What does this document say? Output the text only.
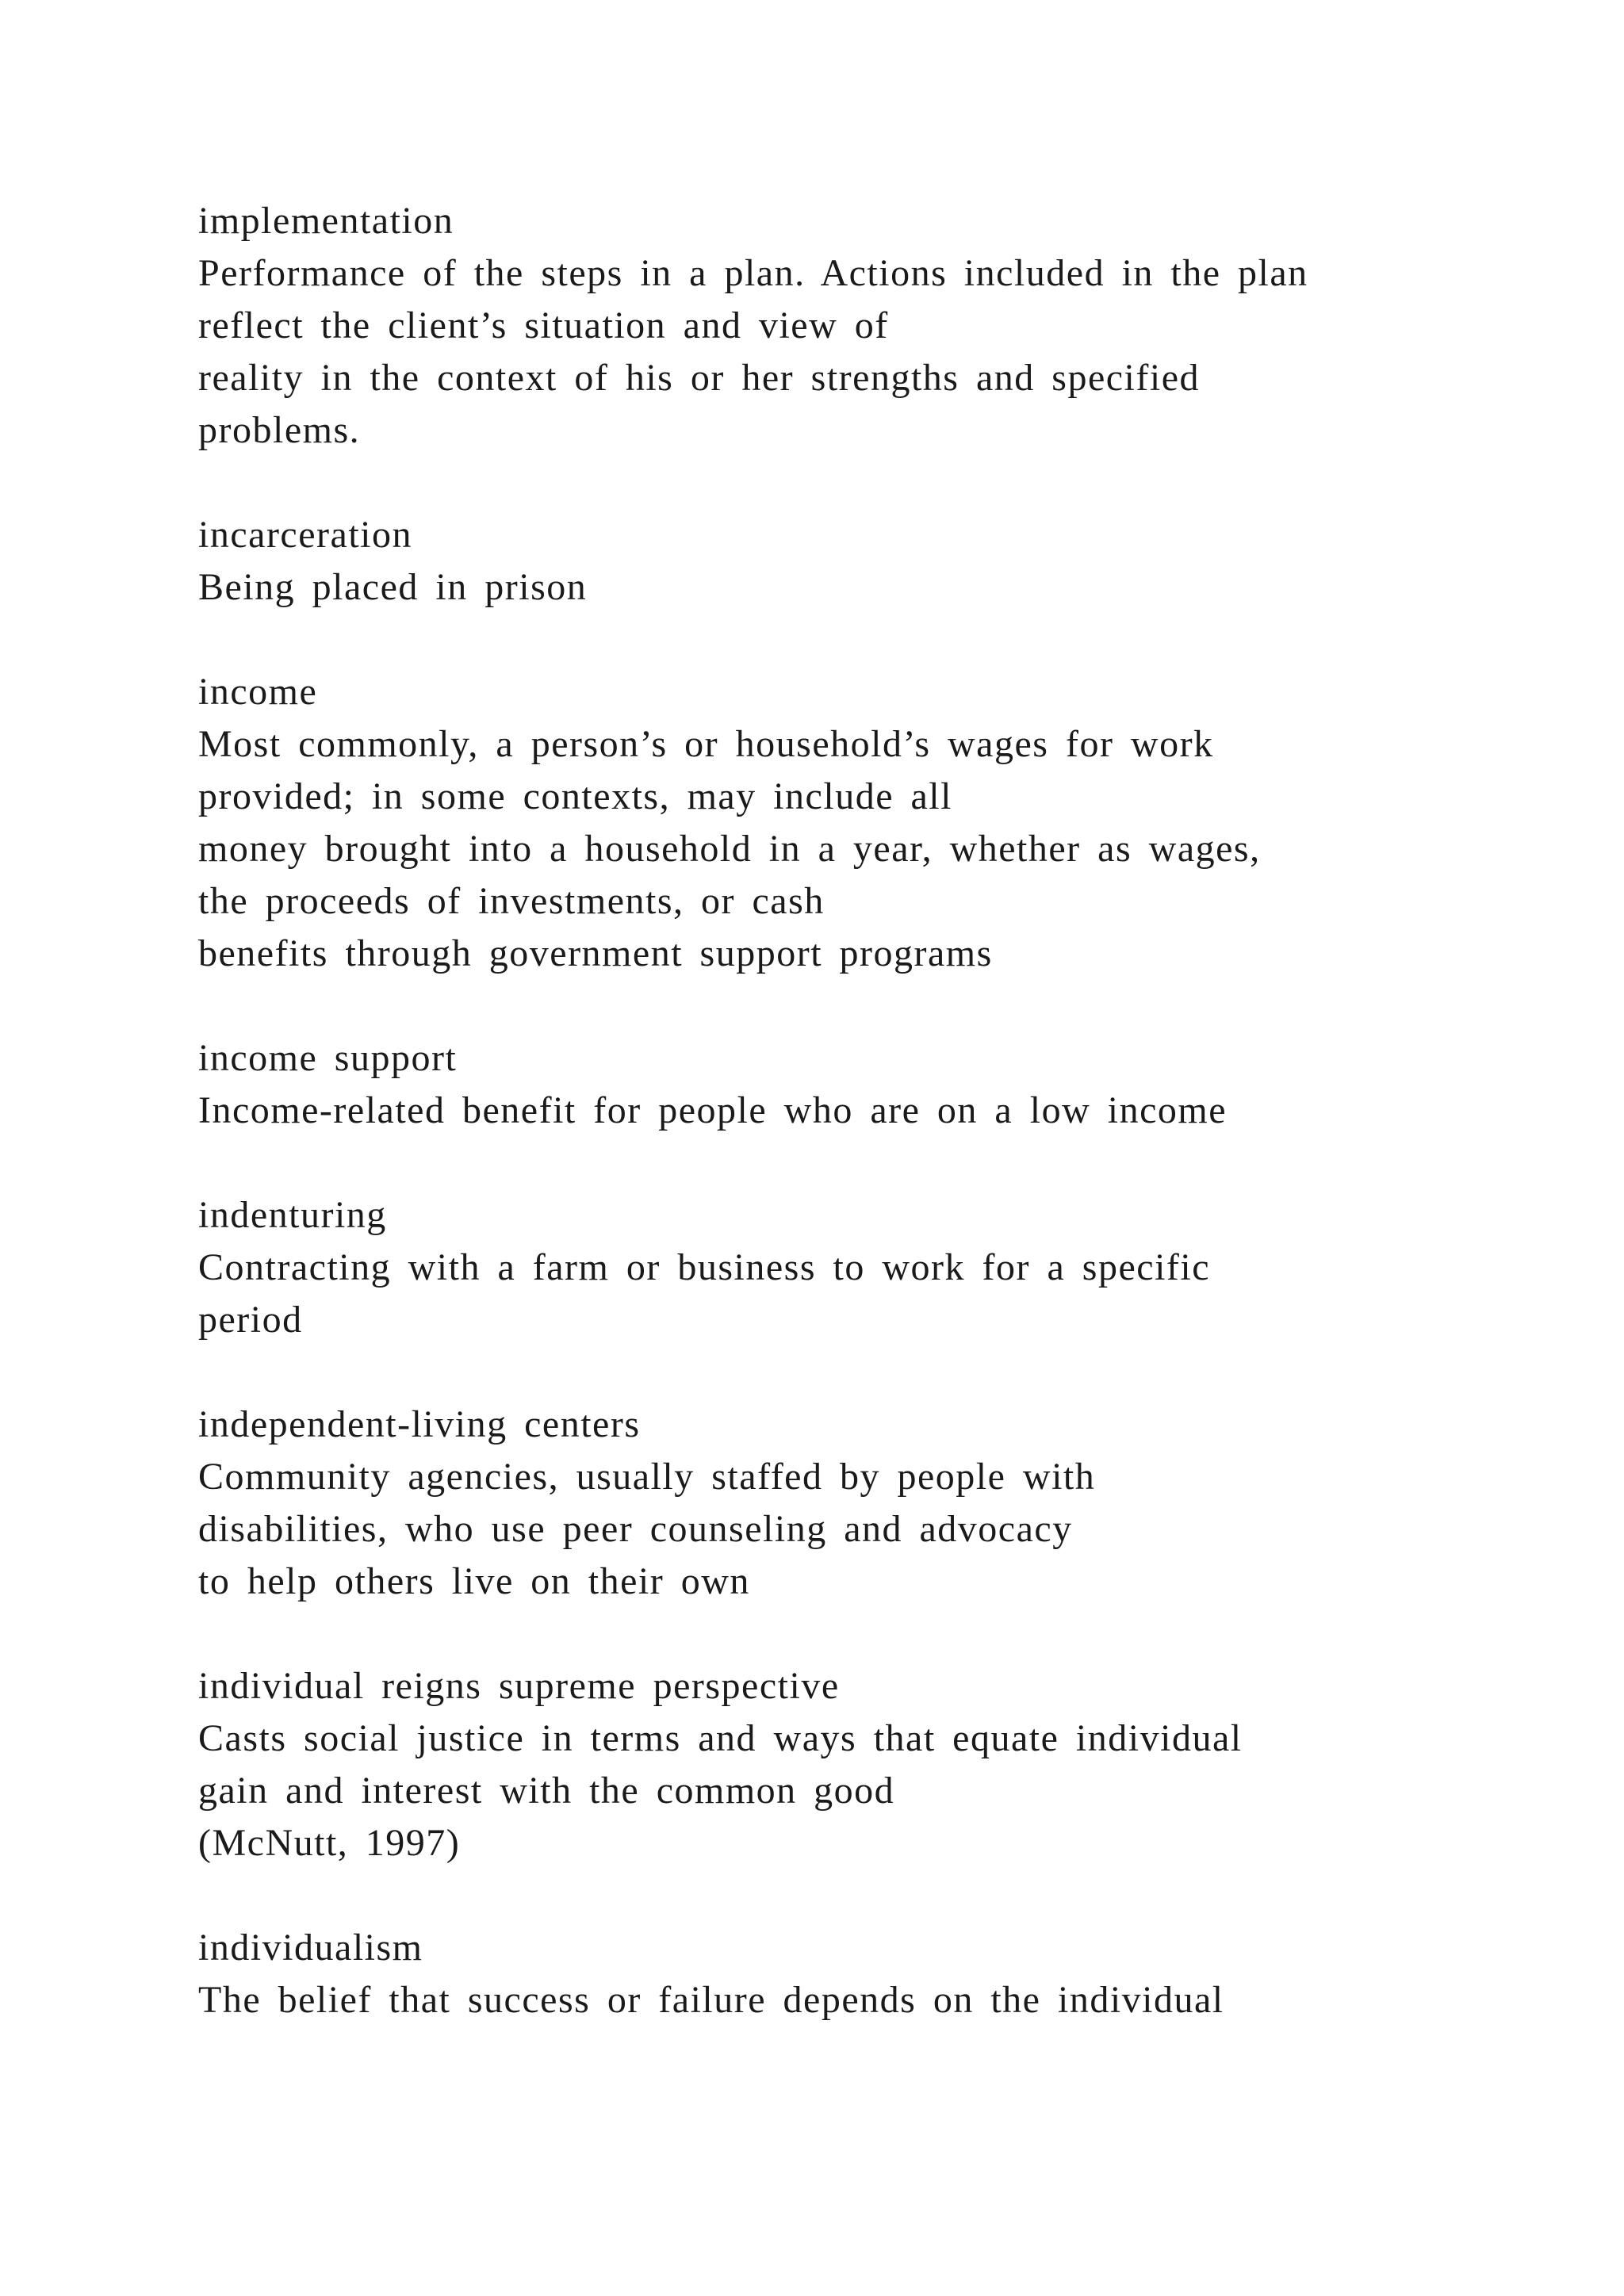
implementation
Performance of the steps in a plan. Actions included in the plan
reflect the client’s situation and view of
reality in the context of his or her strengths and specified
problems.
incarceration
Being placed in prison
income
Most commonly, a person’s or household’s wages for work
provided; in some contexts, may include all
money brought into a household in a year, whether as wages,
the proceeds of investments, or cash
benefits through government support programs
income support
Income-related benefit for people who are on a low income
indenturing
Contracting with a farm or business to work for a specific
period
independent-living centers
Community agencies, usually staffed by people with
disabilities, who use peer counseling and advocacy
to help others live on their own
individual reigns supreme perspective
Casts social justice in terms and ways that equate individual
gain and interest with the common good
(McNutt, 1997)
individualism
The belief that success or failure depends on the individual
